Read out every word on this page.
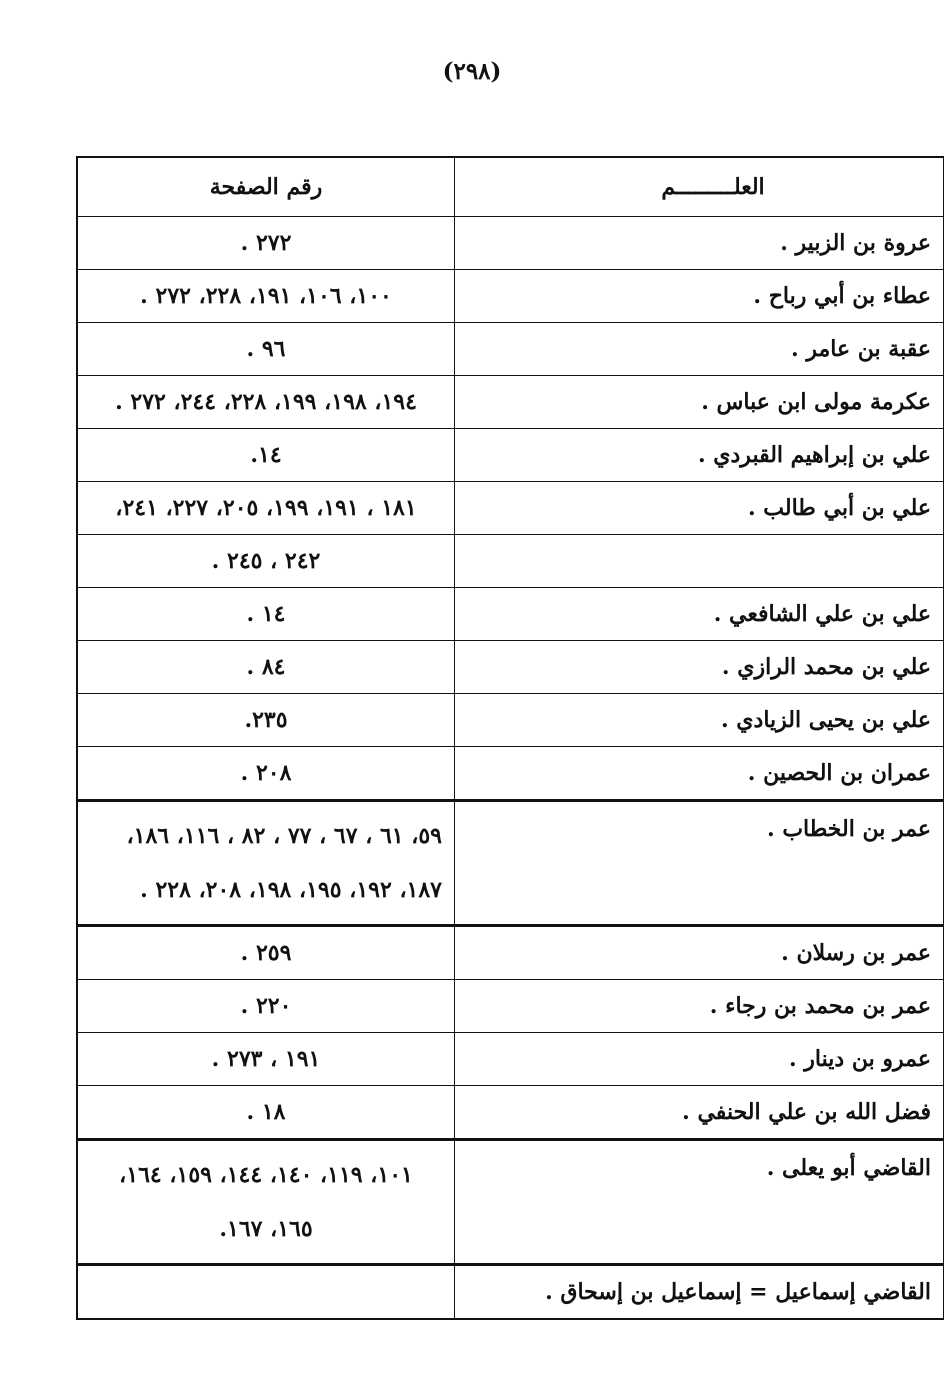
(٢٩٨)
العلـــــــــم	رقم الصفحة
عروة بن الزبير .	٢٧٢ .
عطاء بن أبي رباح .	١٠٠، ١٠٦، ١٩١، ٢٢٨، ٢٧٢ .
عقبة بن عامر .	٩٦ .
عكرمة مولى ابن عباس .	١٩٤، ١٩٨، ١٩٩، ٢٢٨، ٢٤٤، ٢٧٢ .
علي بن إبراهيم القبردي .	١٤.
علي بن أبي طالب .	١٨١ ، ١٩١، ١٩٩، ٢٠٥، ٢٢٧، ٢٤١،
	٢٤٢ ، ٢٤٥ .
علي بن علي الشافعي .	١٤ .
علي بن محمد الرازي .	٨٤ .
علي بن يحيى الزيادي .	٢٣٥.
عمران بن الحصين .	٢٠٨ .
عمر بن الخطاب .	٥٩، ٦١ ، ٦٧ ، ٧٧ ، ٨٢ ، ١١٦، ١٨٦،
١٨٧، ١٩٢، ١٩٥، ١٩٨، ٢٠٨، ٢٢٨ .

عمر بن رسلان .	٢٥٩ .
عمر بن محمد بن رجاء .	٢٢٠ .
عمرو بن دينار .	١٩١ ، ٢٧٣ .
فضل الله بن علي الحنفي .	١٨ .
القاضي أبو يعلى .	١٠١، ١١٩، ١٤٠، ١٤٤، ١٥٩، ١٦٤،
١٦٥، ١٦٧.

القاضي إسماعيل = إسماعيل بن إسحاق .	
